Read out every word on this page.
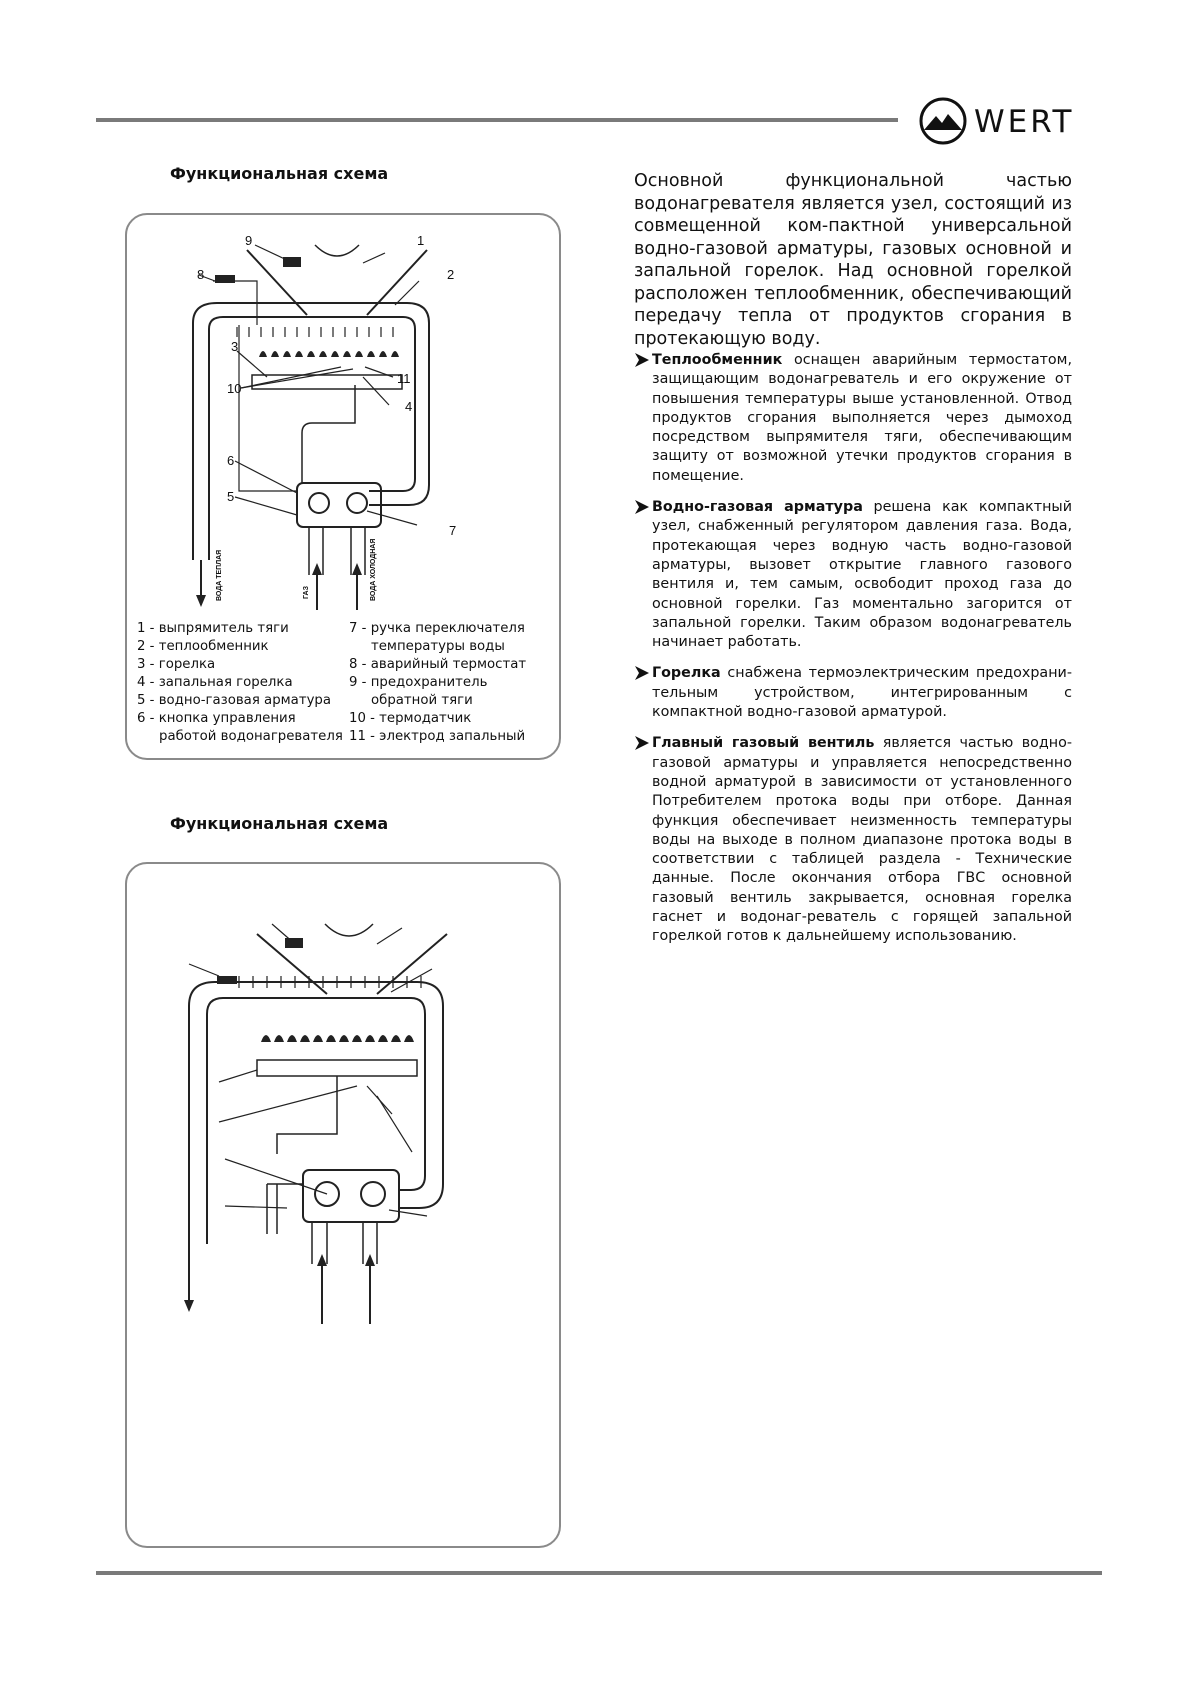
WERT
Функциональная схема
9	1
8	2
3
10
11
4
6
5
7
ВОДА ТЕПЛАЯ	ГАЗ	ВОДА ХОЛОДНАЯ
1 - выпрямитель тяги
2 - теплообменник
3 - горелка
4 - запальная горелка
5 - водно-газовая арматура
6 - кнопка управления
работой водонагревателя
7 - ручка переключателя
температуры воды
8 - аварийный термостат
9 - предохранитель
обратной тяги
10 - термодатчик
11 - электрод запальный
Функциональная схема
Основной функциональной частью водонагревателя является узел, состоящий из совмещенной ком-пактной универсальной водно-газовой арматуры, газовых основной и запальной горелок. Над основной горелкой расположен теплообменник, обеспечивающий передачу тепла от продуктов сгорания в протекающую воду.
Теплообменник оснащен аварийным термостатом, защищающим водонагреватель и его окружение от повышения температуры выше установленной. Отвод продуктов сгорания выполняется через дымоход посредством выпрямителя тяги, обеспечивающим защиту от возможной утечки продуктов сгорания в помещение.
Водно-газовая арматура решена как компактный узел, снабженный регулятором давления газа. Вода, протекающая через водную часть водно-газовой арматуры, вызовет открытие главного газового вентиля и, тем самым, освободит проход газа до основной горелки. Газ моментально загорится от запальной горелки. Таким образом водонагреватель начинает работать.
Горелка снабжена термоэлектрическим предохрани-тельным устройством, интегрированным с компактной водно-газовой арматурой.
Главный газовый вентиль является частью водно-газовой арматуры и управляется непосредственно водной арматурой в зависимости от установленного Потребителем протока воды при отборе. Данная функция обеспечивает неизменность температуры воды на выходе в полном диапазоне протока воды в соответствии с таблицей раздела - Технические данные. После окончания отбора ГВС основной газовый вентиль закрывается, основная горелка гаснет и водонаг-реватель с горящей запальной горелкой готов к дальнейшему использованию.
